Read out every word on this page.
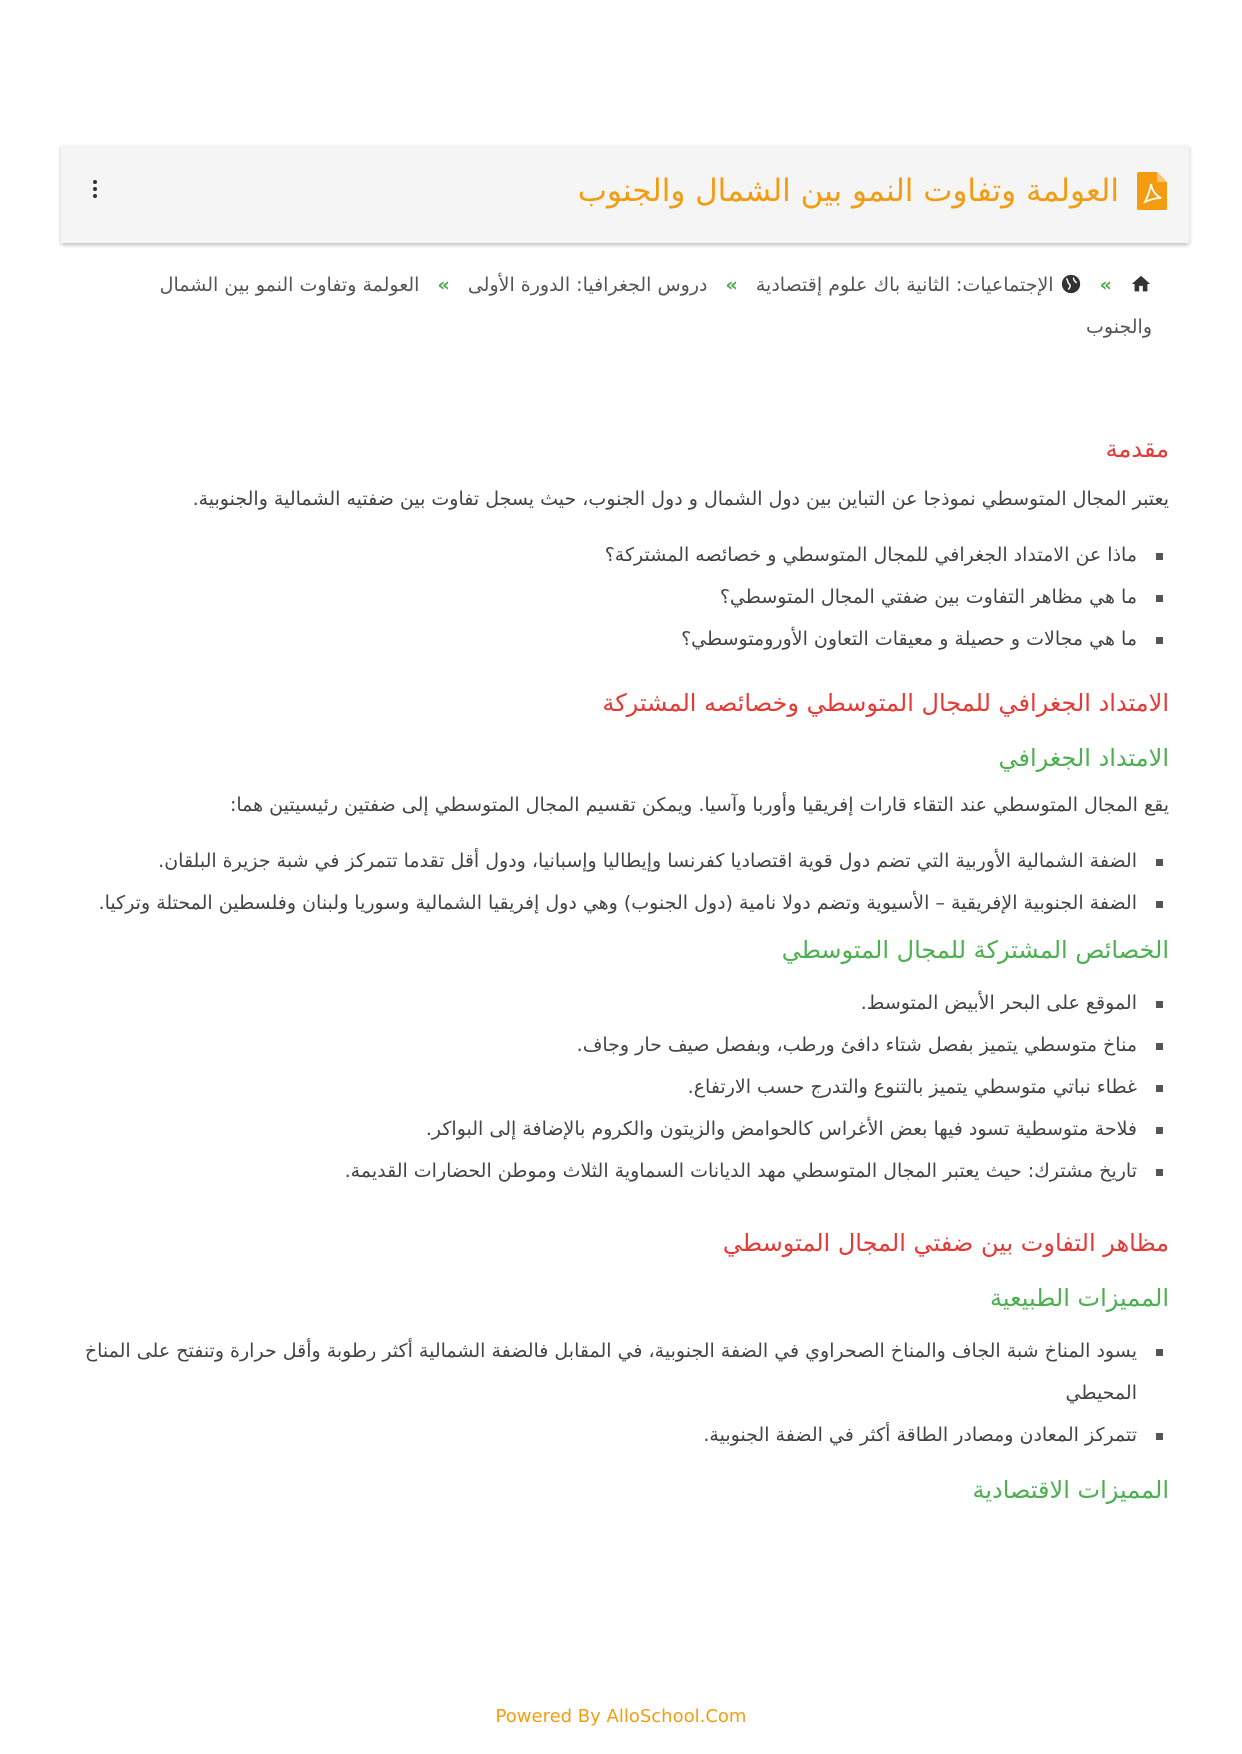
العولمة وتفاوت النمو بين الشمال والجنوب
»  الإجتماعيات: الثانية باك علوم إقتصادية » دروس الجغرافيا: الدورة الأولى » العولمة وتفاوت النمو بين الشمال والجنوب
مقدمة

يعتبر المجال المتوسطي نموذجا عن التباين بين دول الشمال و دول الجنوب، حيث يسجل تفاوت بين ضفتيه الشمالية والجنوبية.

ماذا عن الامتداد الجغرافي للمجال المتوسطي و خصائصه المشتركة؟
ما هي مظاهر التفاوت بين ضفتي المجال المتوسطي؟
ما هي مجالات و حصيلة و معيقات التعاون الأورومتوسطي؟
الامتداد الجغرافي للمجال المتوسطي وخصائصه المشتركة
الامتداد الجغرافي

يقع المجال المتوسطي عند التقاء قارات إفريقيا وأوربا وآسيا. ويمكن تقسيم المجال المتوسطي إلى ضفتين رئيسيتين هما:

الضفة الشمالية الأوربية التي تضم دول قوية اقتصاديا كفرنسا وإيطاليا وإسبانيا، ودول أقل تقدما تتمركز في شبة جزيرة البلقان.
الضفة الجنوبية الإفريقية – الأسيوية وتضم دولا نامية (دول الجنوب) وهي دول إفريقيا الشمالية وسوريا ولبنان وفلسطين المحتلة وتركيا.
الخصائص المشتركة للمجال المتوسطي
الموقع على البحر الأبيض المتوسط.
مناخ متوسطي يتميز بفصل شتاء دافئ ورطب، وبفصل صيف حار وجاف.
غطاء نباتي متوسطي يتميز بالتنوع والتدرج حسب الارتفاع.
فلاحة متوسطية تسود فيها بعض الأغراس كالحوامض والزيتون والكروم بالإضافة إلى البواكر.
تاريخ مشترك: حيث يعتبر المجال المتوسطي مهد الديانات السماوية الثلاث وموطن الحضارات القديمة.
مظاهر التفاوت بين ضفتي المجال المتوسطي
المميزات الطبيعية
يسود المناخ شبة الجاف والمناخ الصحراوي في الضفة الجنوبية، في المقابل فالضفة الشمالية أكثر رطوبة وأقل حرارة وتنفتح على المناخ المحيطي
تتمركز المعادن ومصادر الطاقة أكثر في الضفة الجنوبية.
المميزات الاقتصادية
Powered By AlloSchool.Com
